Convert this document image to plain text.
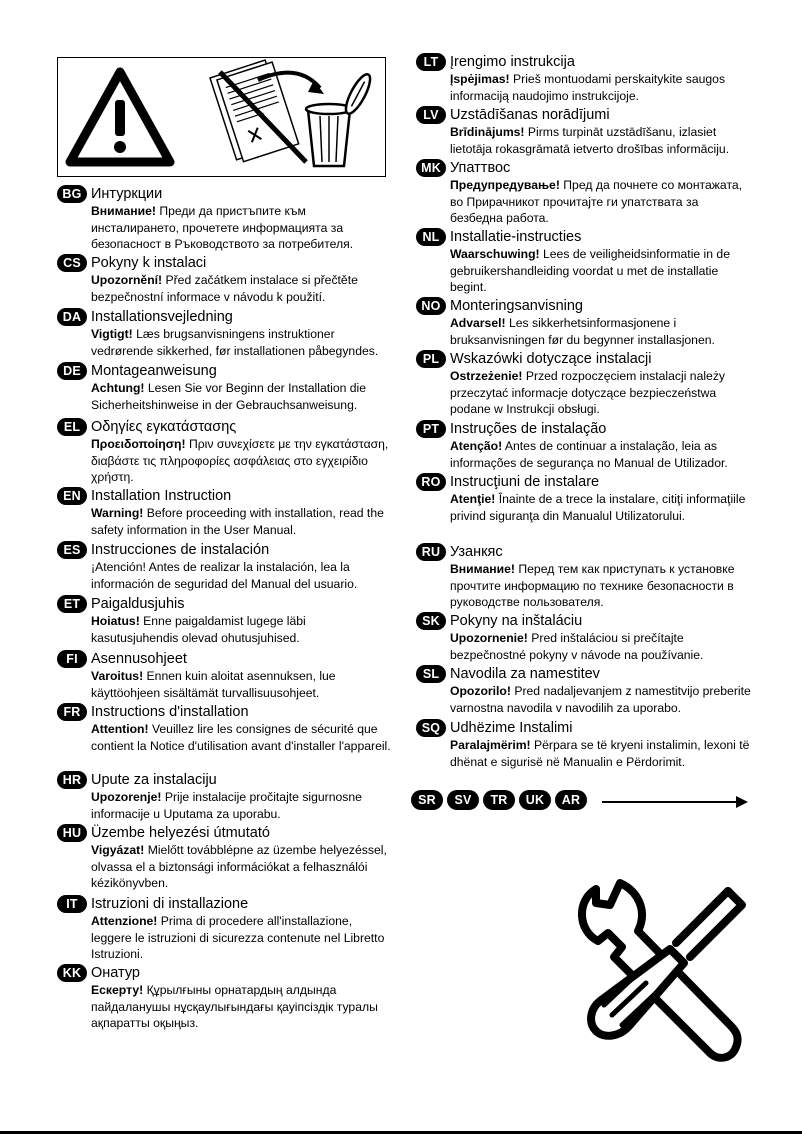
BG Интуркции
Внимание! Преди да пристъпите към инсталирането, прочетете информацията за безопасност в Ръководството за потребителя.
CS Pokyny k instalaci
Upozornění! Před začátkem instalace si přečtěte bezpečnostní informace v návodu k použití.
DA Installationsvejledning
Vigtigt! Læs brugsanvisningens instruktioner vedrørende sikkerhed, før installationen påbegyndes.
DE Montageanweisung
Achtung! Lesen Sie vor Beginn der Installation die Sicherheitshinweise in der Gebrauchsanweisung.
EL Οδηγίες εγκατάστασης
Προειδοποίηση! Πριν συνεχίσετε με την εγκατάσταση, διαβάστε τις πληροφορίες ασφάλειας στο εγχειρίδιο χρήστη.
EN Installation Instruction
Warning! Before proceeding with installation, read the safety information in the User Manual.
ES Instrucciones de instalación
¡Atención! Antes de realizar la instalación, lea la información de seguridad del Manual del usuario.
ET Paigaldusjuhis
Hoiatus! Enne paigaldamist lugege läbi kasutusjuhendis olevad ohutusjuhised.
FI Asennusohjeet
Varoitus! Ennen kuin aloitat asennuksen, lue käyttöohjeen sisältämät turvallisuusohjeet.
FR Instructions d'installation
Attention! Veuillez lire les consignes de sécurité que contient la Notice d'utilisation avant d'installer l'appareil.
HR Upute za instalaciju
Upozorenje! Prije instalacije pročitajte sigurnosne informacije u Uputama za uporabu.
HU Üzembe helyezési útmutató
Vigyázat! Mielőtt továbblépne az üzembe helyezéssel, olvassa el a biztonsági információkat a felhasználói kézikönyvben.
IT Istruzioni di installazione
Attenzione! Prima di procedere all'installazione, leggere le istruzioni di sicurezza contenute nel Libretto Istruzioni.
KK Онатур
Ескерту! Құрылғыны орнатардың алдында пайдаланушы нұсқаулығындағы қауіпсіздік туралы ақпаратты оқыңыз.
LT Įrengimo instrukcija
Įspėjimas! Prieš montuodami perskaitykite saugos informaciją naudojimo instrukcijoje.
LV Uzstādīšanas norādījumi
Brīdinājums! Pirms turpināt uzstādīšanu, izlasiet lietotāja rokasgrāmatā ietverto drošības informāciju.
MK Упаттвос
Предупредување! Пред да почнете со монтажата, во Прирачникот прочитајте ги упатствата за безбедна работа.
NL Installatie-instructies
Waarschuwing! Lees de veiligheidsinformatie in de gebruikershandleiding voordat u met de installatie begint.
NO Monteringsanvisning
Advarsel! Les sikkerhetsinformasjonene i bruksanvisningen før du begynner installasjonen.
PL Wskazówki dotyczące instalacji
Ostrzeżenie! Przed rozpoczęciem instalacji należy przeczytać informacje dotyczące bezpieczeństwa podane w Instrukcji obsługi.
PT Instruções de instalação
Atenção! Antes de continuar a instalação, leia as informações de segurança no Manual de Utilizador.
RO Instrucţiuni de instalare
Atenţie! Înainte de a trece la instalare, citiţi informaţiile privind siguranţa din Manualul Utilizatorului.
RU Узанкяс
Внимание! Перед тем как приступать к установке прочтите информацию по технике безопасности в руководстве пользователя.
SK Pokyny na inštaláciu
Upozornenie! Pred inštaláciou si prečítajte bezpečnostné pokyny v návode na používanie.
SL Navodila za namestitev
Opozorilo! Pred nadaljevanjem z namestitvijo preberite varnostna navodila v navodilih za uporabo.
SQ Udhëzime Instalimi
Paralajmërim! Përpara se të kryeni instalimin, lexoni të dhënat e sigurisë në Manualin e Përdorimit.
SR	SV	TR	UK	AR
